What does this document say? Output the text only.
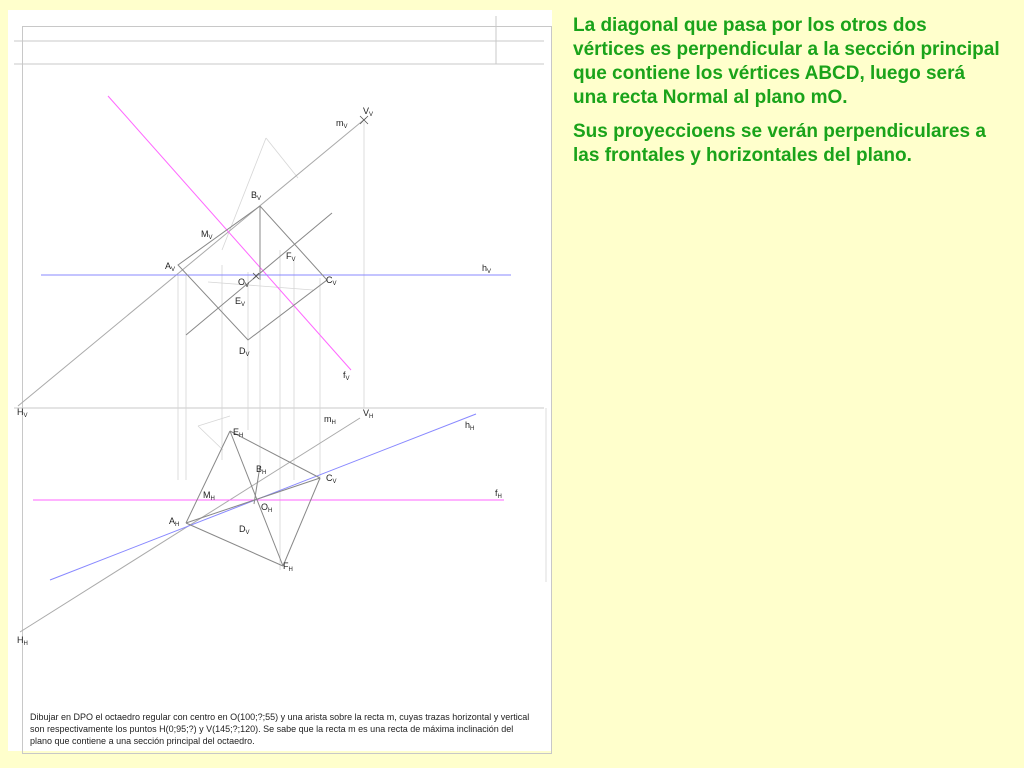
$V_V$
$m_V$
$B_V$
$M_V$
$F_V$
$A_V$	$h_V$
$O_V$
$C_V$
$E_V$
$D_V$
$f_V$
$H_V$	$m_H$
$V_H$
$h_H$
$E_H$
$B_H$	$C_V$
$f_H$
$M_H$
$O_H$
$A_H$	$D_V$
$F_H$
$H_H$
Dibujar en DPO el octaedro regular con centro en O(100;?;55) y una arista sobre la recta m, cuyas trazas horizontal y vertical son respectivamente los puntos H(0;95;?) y V(145;?;120). Se sabe que la recta m es una recta de máxima inclinación del plano que contiene a una sección principal del octaedro.

La diagonal que pasa por los otros dos vértices es perpendicular a la sección principal que contiene los vértices ABCD, luego será una recta Normal al plano mO.

Sus proyeccioens se verán perpendiculares a las frontales y horizontales del plano.
